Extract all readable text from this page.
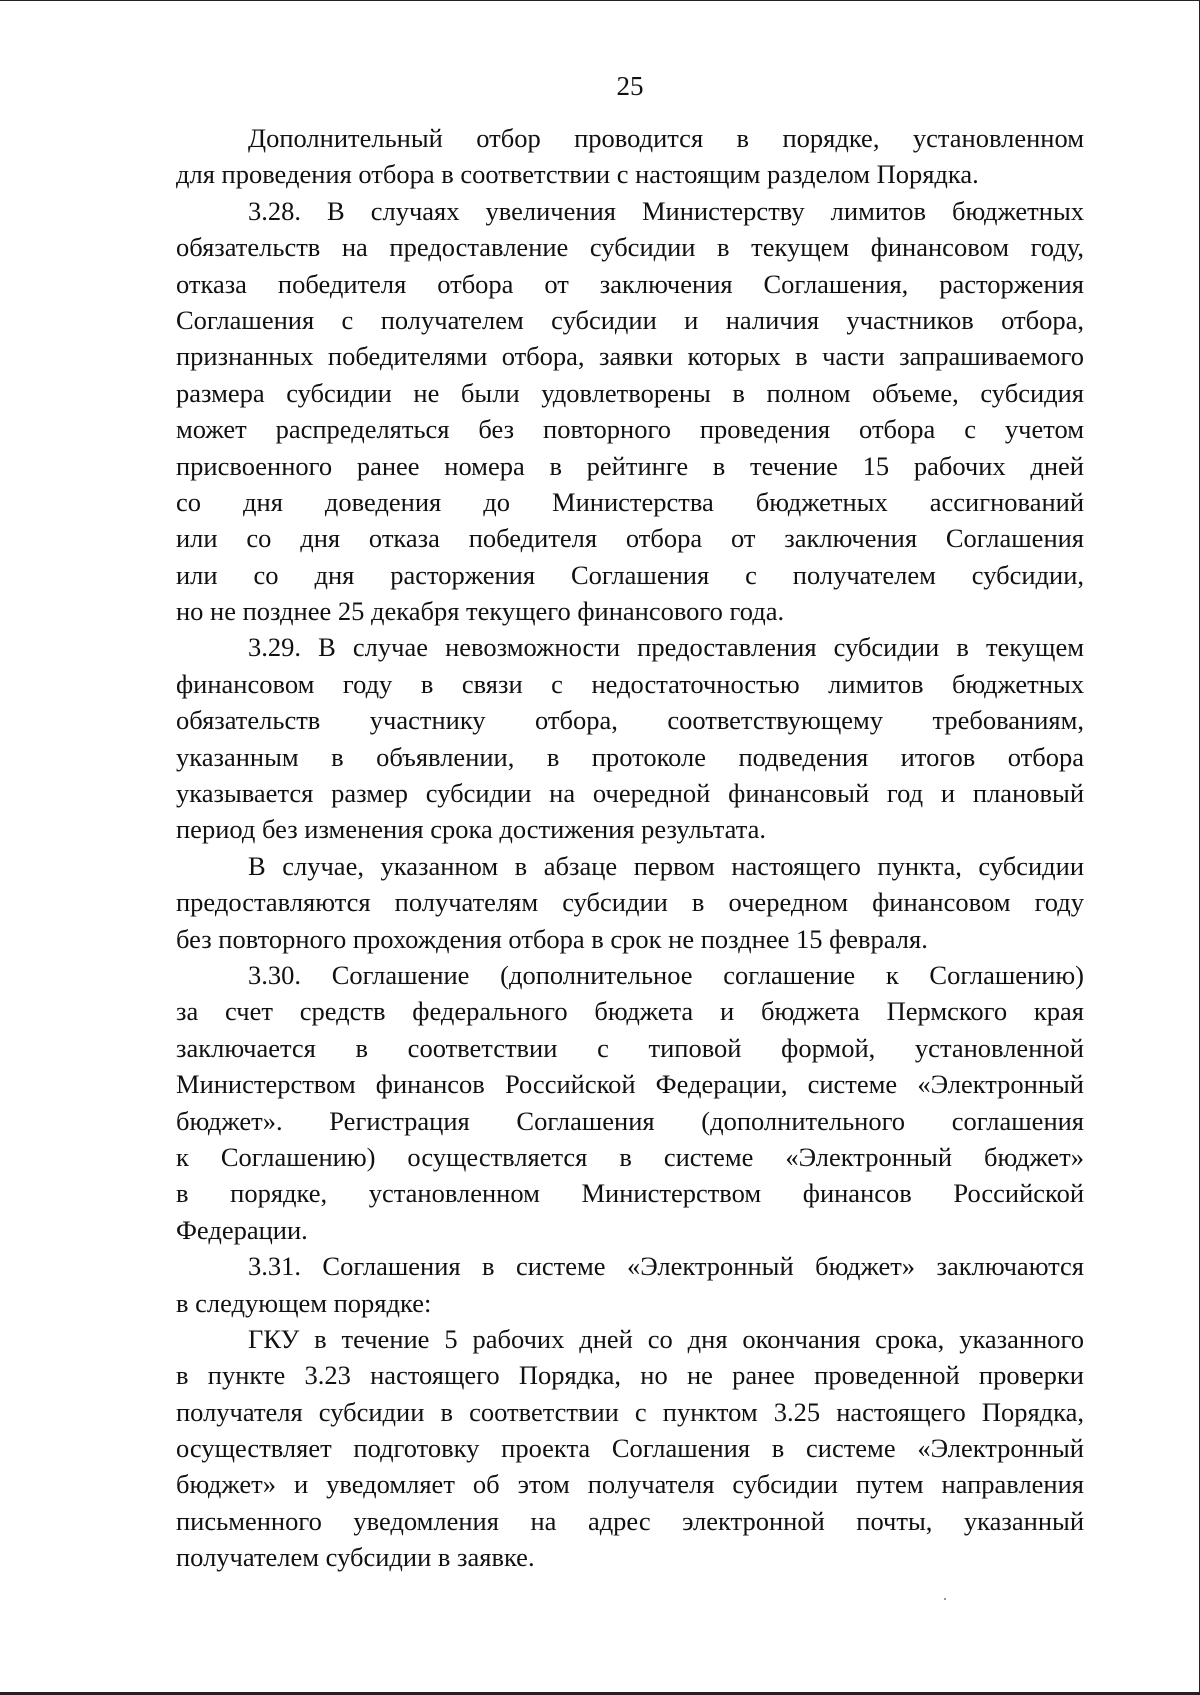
25

Дополнительный отбор проводится в порядке, установленном
для проведения отбора в соответствии с настоящим разделом Порядка.

3.28. В случаях увеличения Министерству лимитов бюджетных
обязательств на предоставление субсидии в текущем финансовом году,
отказа победителя отбора от заключения Соглашения, расторжения
Соглашения с получателем субсидии и наличия участников отбора,
признанных победителями отбора, заявки которых в части запрашиваемого
размера субсидии не были удовлетворены в полном объеме, субсидия
может распределяться без повторного проведения отбора с учетом
присвоенного ранее номера в рейтинге в течение 15 рабочих дней
со дня доведения до Министерства бюджетных ассигнований
или со дня отказа победителя отбора от заключения Соглашения
или со дня расторжения Соглашения с получателем субсидии,
но не позднее 25 декабря текущего финансового года.

3.29. В случае невозможности предоставления субсидии в текущем
финансовом году в связи с недостаточностью лимитов бюджетных
обязательств участнику отбора, соответствующему требованиям,
указанным в объявлении, в протоколе подведения итогов отбора
указывается размер субсидии на очередной финансовый год и плановый
период без изменения срока достижения результата.

В случае, указанном в абзаце первом настоящего пункта, субсидии
предоставляются получателям субсидии в очередном финансовом году
без повторного прохождения отбора в срок не позднее 15 февраля.

3.30. Соглашение (дополнительное соглашение к Соглашению)
за счет средств федерального бюджета и бюджета Пермского края
заключается в соответствии с типовой формой, установленной
Министерством финансов Российской Федерации, системе «Электронный
бюджет». Регистрация Соглашения (дополнительного соглашения
к Соглашению) осуществляется в системе «Электронный бюджет»
в порядке, установленном Министерством финансов Российской
Федерации.

3.31. Соглашения в системе «Электронный бюджет» заключаются
в следующем порядке:

ГКУ в течение 5 рабочих дней со дня окончания срока, указанного
в пункте 3.23 настоящего Порядка, но не ранее проведенной проверки
получателя субсидии в соответствии с пунктом 3.25 настоящего Порядка,
осуществляет подготовку проекта Соглашения в системе «Электронный
бюджет» и уведомляет об этом получателя субсидии путем направления
письменного уведомления на адрес электронной почты, указанный
получателем субсидии в заявке.
